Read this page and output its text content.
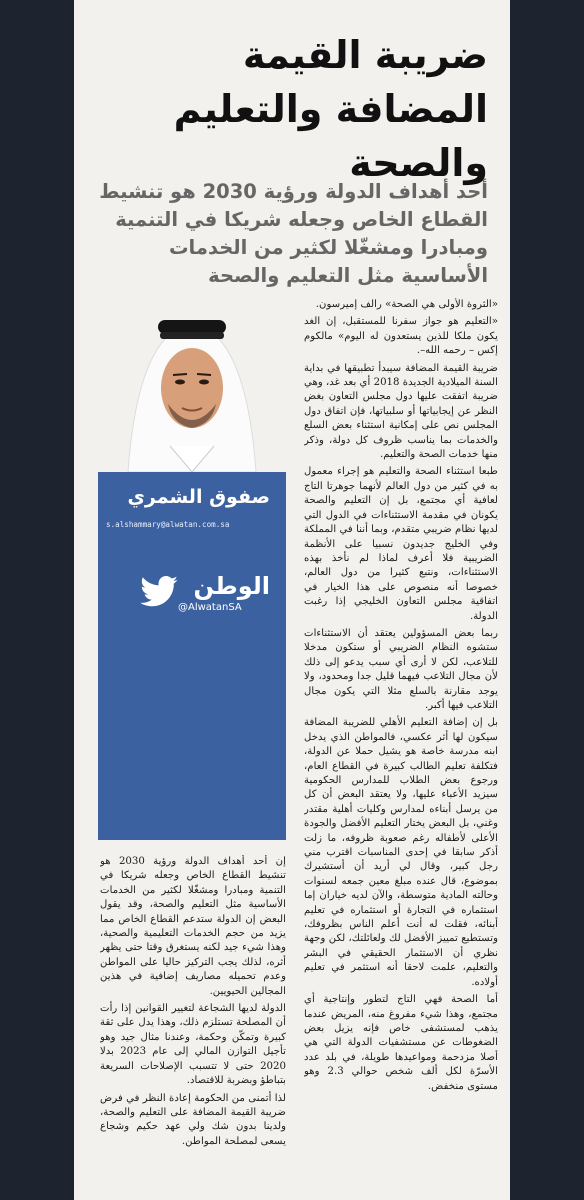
ضريبة القيمة المضافة والتعليم والصحة
أحد أهداف الدولة ورؤية 2030 هو تنشيط القطاع الخاص وجعله شريكا في التنمية ومبادرا ومشغّلا لكثير من الخدمات الأساسية مثل التعليم والصحة
صفوق الشمري
s.alshammary@alwatan.com.sa
الوطن
@AlwatanSA

«الثروة الأولى هي الصحة» رالف إميرسون.

«التعليم هو جواز سفرنا للمستقبل، إن الغد يكون ملكا للذين يستعدون له اليوم» مالكوم إكس – رحمه الله–.

ضريبة القيمة المضافة سيبدأ تطبيقها في بداية السنة الميلادية الجديدة 2018 أي بعد غد، وهي ضريبة اتفقت عليها دول مجلس التعاون بغض النظر عن إيجابياتها أو سلبياتها، فإن اتفاق دول المجلس نص على إمكانية استثناء بعض السلع والخدمات بما يناسب ظروف كل دولة، وذكر منها خدمات الصحة والتعليم.

طبعا استثناء الصحة والتعليم هو إجراء معمول به في كثير من دول العالم لأنهما جوهرتا التاج لعافية أي مجتمع، بل إن التعليم والصحة يكونان في مقدمة الاستثناءات في الدول التي لديها نظام ضريبي متقدم، وبما أننا في المملكة وفي الخليج جديدون نسبيا على الأنظمة الضريبية فلا أعرف لماذا لم نأخذ بهذه الاستثناءات، ونتبع كثيرا من دول العالم، خصوصا أنه منصوص على هذا الخيار في اتفاقية مجلس التعاون الخليجي إذا رغبت الدولة.

ربما بعض المسؤولين يعتقد أن الاستثناءات ستشوه النظام الضريبي أو ستكون مدخلا للتلاعب، لكن لا أرى أي سبب يدعو إلى ذلك لأن مجال التلاعب فيهما قليل جدا ومحدود، ولا يوجد مقارنة بالسلع مثلا التي يكون مجال التلاعب فيها أكبر.

بل إن إضافة التعليم الأهلي للضريبة المضافة سيكون لها أثر عكسي، فالمواطن الذي يدخل ابنه مدرسة خاصة هو يشيل حملا عن الدولة، فتكلفة تعليم الطالب كبيرة في القطاع العام، ورجوع بعض الطلاب للمدارس الحكومية سيزيد الأعباء عليها، ولا يعتقد البعض أن كل من يرسل أبناءه لمدارس وكليات أهلية مقتدر وغني، بل البعض يختار التعليم الأفضل والجودة الأعلى لأطفاله رغم صعوبة ظروفه، ما زلت أذكر سابقا في إحدى المناسبات اقترب مني رجل كبير، وقال لي أريد أن أستشيرك بموضوع، قال عنده مبلغ معين جمعه لسنوات وحالته المادية متوسطة، والآن لديه خياران إما استثماره في التجارة أو استثماره في تعليم أبنائه، فقلت له أنت أعلم الناس بظروفك، وتستطيع تمييز الأفضل لك ولعائلتك، لكن وجهة نظري أن الاستثمار الحقيقي في البشر والتعليم، علمت لاحقا أنه استثمر في تعليم أولاده.

أما الصحة فهي التاج لتطور وإنتاجية أي مجتمع، وهذا شيء مفروغ منه، المريض عندما يذهب لمستشفى خاص فإنه يزيل بعض الضغوطات عن مستشفيات الدولة التي هي أصلا مزدحمة ومواعيدها طويلة، في بلد عدد الأسرّة لكل ألف شخص حوالي 2.3 وهو مستوى منخفض.

إن أحد أهداف الدولة ورؤية 2030 هو تنشيط القطاع الخاص وجعله شريكا في التنمية ومبادرا ومشغّلا لكثير من الخدمات الأساسية مثل التعليم والصحة، وقد يقول البعض إن الدولة ستدعم القطاع الخاص مما يزيد من حجم الخدمات التعليمية والصحية، وهذا شيء جيد لكنه يستغرق وقتا حتى يظهر أثره، لذلك يجب التركيز حاليا على المواطن وعدم تحميله مصاريف إضافية في هذين المجالين الحيويين.

الدولة لديها الشجاعة لتغيير القوانين إذا رأت أن المصلحة تستلزم ذلك، وهذا يدل على ثقة كبيرة وتمكّن وحكمة، وعندنا مثال جيد وهو تأجيل التوازن المالي إلى عام 2023 بدلا 2020 حتى لا تتسبب الإصلاحات السريعة بتباطؤ وبضربة للاقتصاد.

لذا أتمنى من الحكومة إعادة النظر في فرض ضريبة القيمة المضافة على التعليم والصحة، ولدينا بدون شك ولي عهد حكيم وشجاع يسعى لمصلحة المواطن.
